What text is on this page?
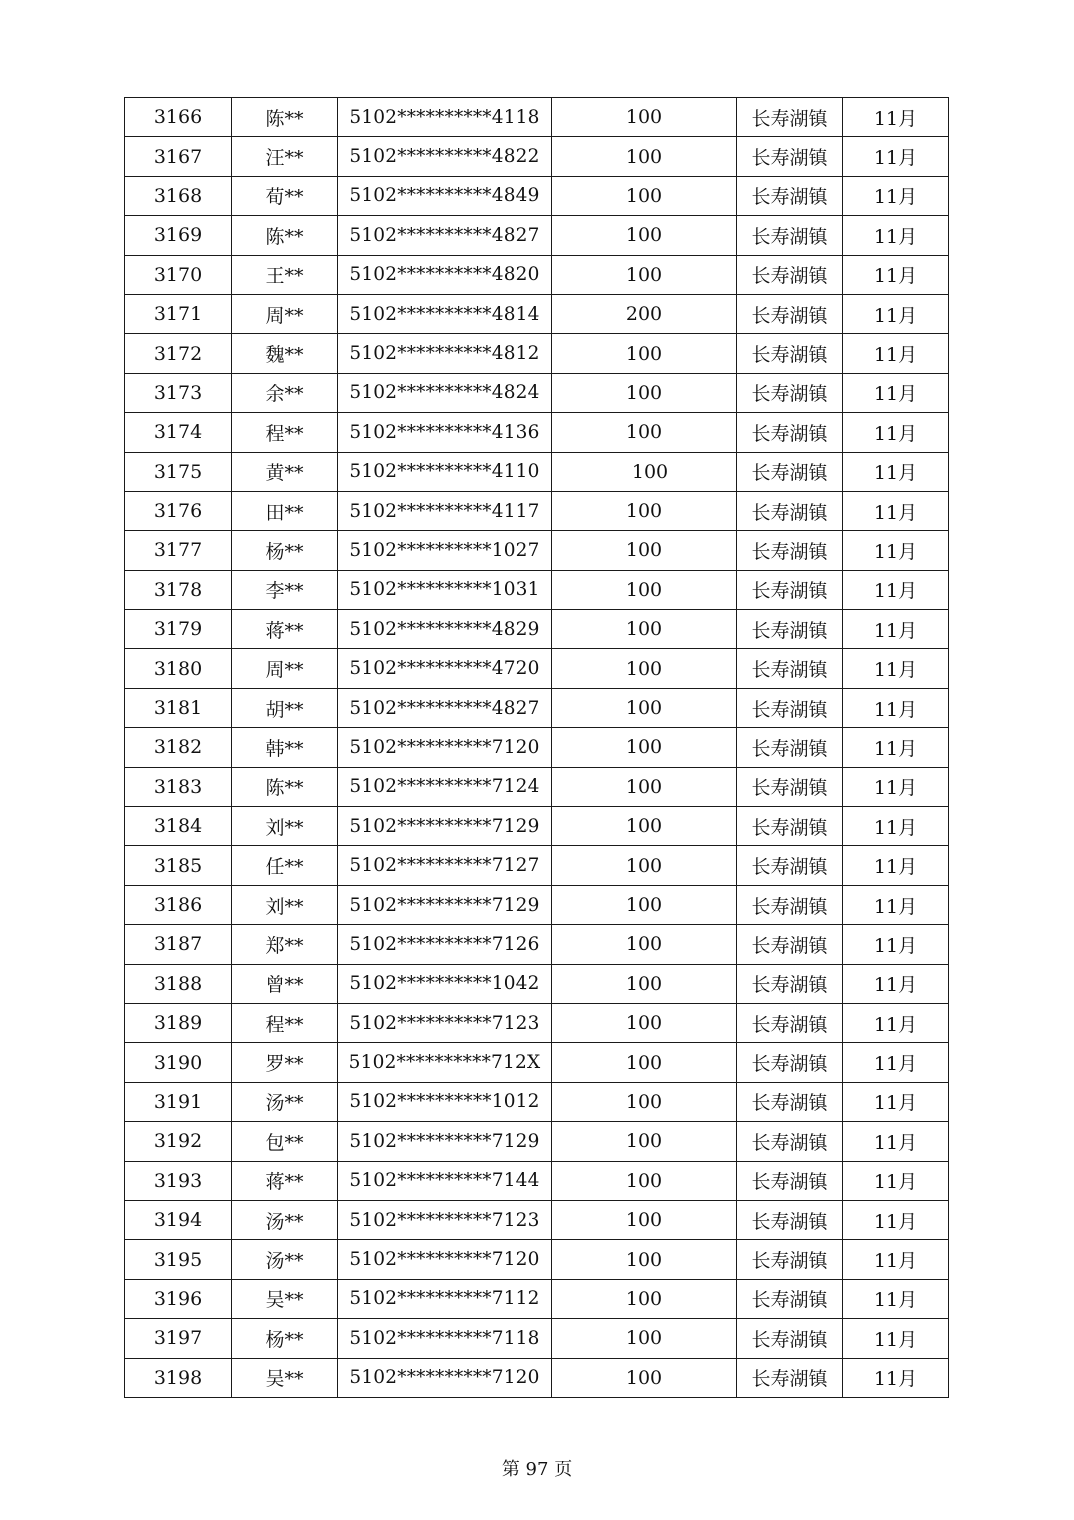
3166	陈**	5102**********4118	100	长寿湖镇	11月
3167	汪**	5102**********4822	100	长寿湖镇	11月
3168	荀**	5102**********4849	100	长寿湖镇	11月
3169	陈**	5102**********4827	100	长寿湖镇	11月
3170	王**	5102**********4820	100	长寿湖镇	11月
3171	周**	5102**********4814	200	长寿湖镇	11月
3172	魏**	5102**********4812	100	长寿湖镇	11月
3173	余**	5102**********4824	100	长寿湖镇	11月
3174	程**	5102**********4136	100	长寿湖镇	11月
3175	黄**	5102**********4110	100	长寿湖镇	11月
3176	田**	5102**********4117	100	长寿湖镇	11月
3177	杨**	5102**********1027	100	长寿湖镇	11月
3178	李**	5102**********1031	100	长寿湖镇	11月
3179	蒋**	5102**********4829	100	长寿湖镇	11月
3180	周**	5102**********4720	100	长寿湖镇	11月
3181	胡**	5102**********4827	100	长寿湖镇	11月
3182	韩**	5102**********7120	100	长寿湖镇	11月
3183	陈**	5102**********7124	100	长寿湖镇	11月
3184	刘**	5102**********7129	100	长寿湖镇	11月
3185	任**	5102**********7127	100	长寿湖镇	11月
3186	刘**	5102**********7129	100	长寿湖镇	11月
3187	郑**	5102**********7126	100	长寿湖镇	11月
3188	曾**	5102**********1042	100	长寿湖镇	11月
3189	程**	5102**********7123	100	长寿湖镇	11月
3190	罗**	5102**********712X	100	长寿湖镇	11月
3191	汤**	5102**********1012	100	长寿湖镇	11月
3192	包**	5102**********7129	100	长寿湖镇	11月
3193	蒋**	5102**********7144	100	长寿湖镇	11月
3194	汤**	5102**********7123	100	长寿湖镇	11月
3195	汤**	5102**********7120	100	长寿湖镇	11月
3196	吴**	5102**********7112	100	长寿湖镇	11月
3197	杨**	5102**********7118	100	长寿湖镇	11月
3198	吴**	5102**********7120	100	长寿湖镇	11月
第 97 页
